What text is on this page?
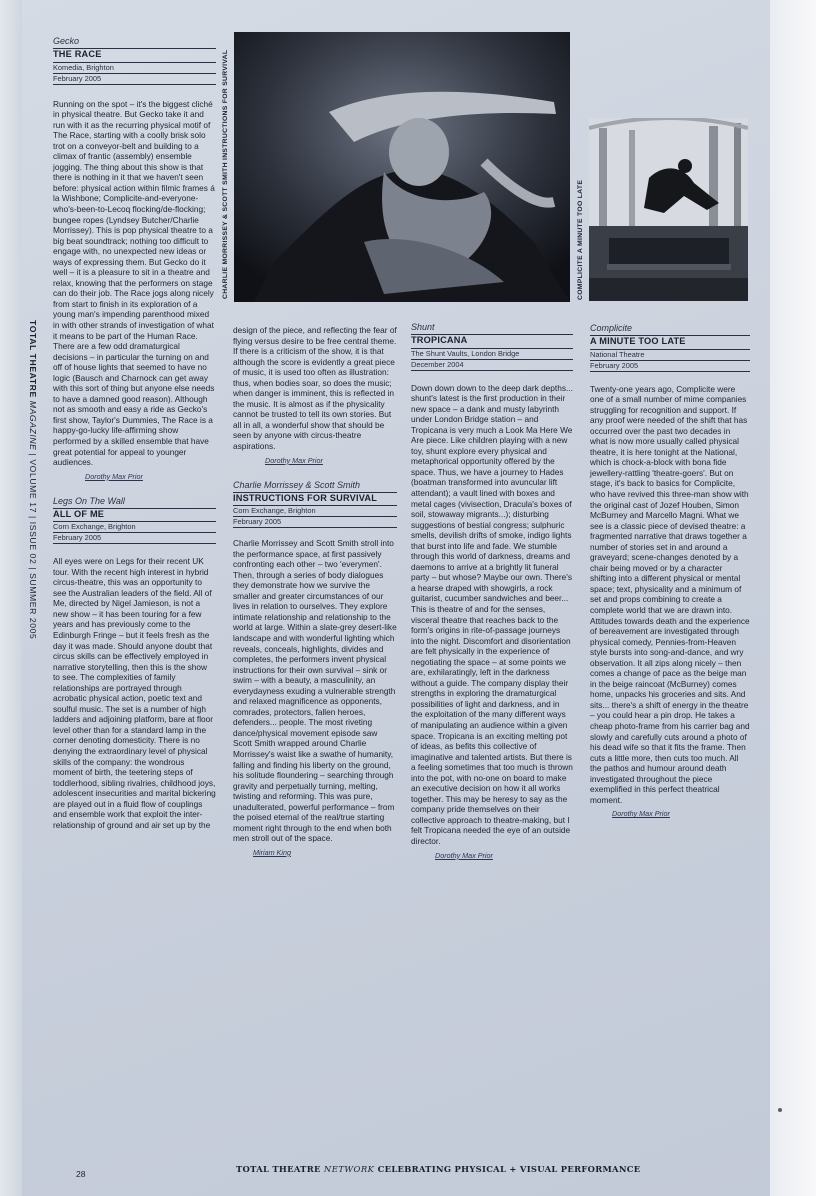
TOTAL THEATRE MAGAZINE | VOLUME 17 | ISSUE 02 | SUMMER 2005
Gecko
THE RACE
Komedia, Brighton
February 2005

Running on the spot – it's the biggest cliché in physical theatre. But Gecko take it and run with it as the recurring physical motif of The Race, starting with a coolly brisk solo trot on a conveyor-belt and building to a climax of frantic (assembly) ensemble jogging. The thing about this show is that there is nothing in it that we haven't seen before: physical action within filmic frames á la Wishbone; Complicite-and-everyone-who's-been-to-Lecoq flocking/de-flocking; bungee ropes (Lyndsey Butcher/Charlie Morrissey). This is pop physical theatre to a big beat soundtrack; nothing too difficult to engage with, no unexpected new ideas or ways of expressing them. But Gecko do it well – it is a pleasure to sit in a theatre and relax, knowing that the performers on stage can do their job. The Race jogs along nicely from start to finish in its exploration of a young man's impending parenthood mixed in with other strands of investigation of what it means to be part of the Human Race. There are a few odd dramaturgical decisions – in particular the turning on and off of house lights that seemed to have no logic (Bausch and Charnock can get away with this sort of thing but anyone else needs to have a damned good reason). Although not as smooth and easy a ride as Gecko's first show, Taylor's Dummies, The Race is a happy-go-lucky life-affirming show performed by a skilled ensemble that have great potential for appeal to younger audiences.

Dorothy Max Prior
Legs On The Wall
ALL OF ME
Corn Exchange, Brighton
February 2005

All eyes were on Legs for their recent UK tour. With the recent high interest in hybrid circus-theatre, this was an opportunity to see the Australian leaders of the field. All of Me, directed by Nigel Jamieson, is not a new show – it has been touring for a few years and has previously come to the Edinburgh Fringe – but it feels fresh as the day it was made. Should anyone doubt that circus skills can be effectively employed in narrative storytelling, then this is the show to see. The complexities of family relationships are portrayed through acrobatic physical action, poetic text and soulful music. The set is a number of high ladders and adjoining platform, bare at floor level other than for a standard lamp in the corner denoting domesticity. There is no denying the extraordinary level of physical skills of the company: the wondrous moment of birth, the teetering steps of toddlerhood, sibling rivalries, childhood joys, adolescent insecurities and marital bickering are played out in a fluid flow of couplings and ensemble work that exploit the inter-relationship of ground and air set up by the

CHARLIE MORRISSEY & SCOTT SMITH INSTRUCTIONS FOR SURVIVAL

design of the piece, and reflecting the fear of flying versus desire to be free central theme. If there is a criticism of the show, it is that although the score is evidently a great piece of music, it is used too often as illustration: thus, when bodies soar, so does the music; when danger is imminent, this is reflected in the music. It is almost as if the physicality cannot be trusted to tell its own stories. But all in all, a wonderful show that should be seen by anyone with circus-theatre aspirations.

Dorothy Max Prior
Charlie Morrissey & Scott Smith
INSTRUCTIONS FOR SURVIVAL
Corn Exchange, Brighton
February 2005

Charlie Morrissey and Scott Smith stroll into the performance space, at first passively confronting each other – two 'everymen'. Then, through a series of body dialogues they demonstrate how we survive the smaller and greater circumstances of our lives in relation to ourselves. They explore intimate relationship and relationship to the world at large. Within a slate-grey desert-like landscape and with wonderful lighting which reveals, conceals, highlights, divides and completes, the performers invent physical instructions for their own survival – sink or swim – with a beauty, a masculinity, an everydayness exuding a vulnerable strength and relaxed magnificence as opponents, comrades, protectors, fallen heroes, defenders... people. The most riveting dance/physical movement episode saw Scott Smith wrapped around Charlie Morrissey's waist like a swathe of humanity, falling and finding his liberty on the ground, his solitude floundering – searching through gravity and perpetually turning, melting, twisting and reforming. This was pure, unadulterated, powerful performance – from the poised eternal of the real/true starting moment right through to the end when both men stroll out of the space.

Miriam King
Shunt
TROPICANA
The Shunt Vaults, London Bridge
December 2004

Down down down to the deep dark depths... shunt's latest is the first production in their new space – a dank and musty labyrinth under London Bridge station – and Tropicana is very much a Look Ma Here We Are piece. Like children playing with a new toy, shunt explore every physical and metaphorical opportunity offered by the space. Thus, we have a journey to Hades (boatman transformed into avuncular lift attendant); a vault lined with boxes and metal cages (vivisection, Dracula's boxes of soil, stowaway migrants...); disturbing suggestions of bestial congress; sulphuric smells, devilish drifts of smoke, indigo lights that burst into life and fade. We stumble through this world of darkness, dreams and daemons to arrive at a brightly lit funeral party – but whose? Maybe our own. There's a hearse draped with showgirls, a rock guitarist, cucumber sandwiches and beer...

This is theatre of and for the senses, visceral theatre that reaches back to the form's origins in rite-of-passage journeys into the night. Discomfort and disorientation are felt physically in the experience of negotiating the space – at some points we are, exhilaratingly, left in the darkness without a guide. The company display their strengths in exploring the dramaturgical possibilities of light and darkness, and in the exploitation of the many different ways of manipulating an audience within a given space. Tropicana is an exciting melting pot of ideas, as befits this collective of imaginative and talented artists. But there is a feeling sometimes that too much is thrown into the pot, with no-one on board to make an executive decision on how it all works together. This may be heresy to say as the company pride themselves on their collective approach to theatre-making, but I felt Tropicana needed the eye of an outside director.

Dorothy Max Prior
COMPLICITE A MINUTE TOO LATE
Complicite
A MINUTE TOO LATE
National Theatre
February 2005

Twenty-one years ago, Complicite were one of a small number of mime companies struggling for recognition and support. If any proof were needed of the shift that has occurred over the past two decades in what is now more usually called physical theatre, it is here tonight at the National, which is chock-a-block with bona fide jewellery-rattling 'theatre-goers'. But on stage, it's back to basics for Complicite, who have revived this three-man show with the original cast of Jozef Houben, Simon McBurney and Marcello Magni. What we see is a classic piece of devised theatre: a fragmented narrative that draws together a number of stories set in and around a graveyard; scene-changes denoted by a chair being moved or by a character shifting into a different physical or mental space; text, physicality and a minimum of set and props combining to create a complete world that we are drawn into. Attitudes towards death and the experience of bereavement are investigated through physical comedy, Pennies-from-Heaven style bursts into song-and-dance, and wry observation. It all zips along nicely – then comes a change of pace as the beige man in the beige raincoat (McBurney) comes home, unpacks his groceries and sits. And sits... there's a shift of energy in the theatre – you could hear a pin drop. He takes a cheap photo-frame from his carrier bag and slowly and carefully cuts around a photo of his dead wife so that it fits the frame. Then cuts a little more, then cuts too much. All the pathos and humour around death investigated throughout the piece exemplified in this perfect theatrical moment.

Dorothy Max Prior
28	TOTAL THEATRE NETWORK CELEBRATING PHYSICAL + VISUAL PERFORMANCE
